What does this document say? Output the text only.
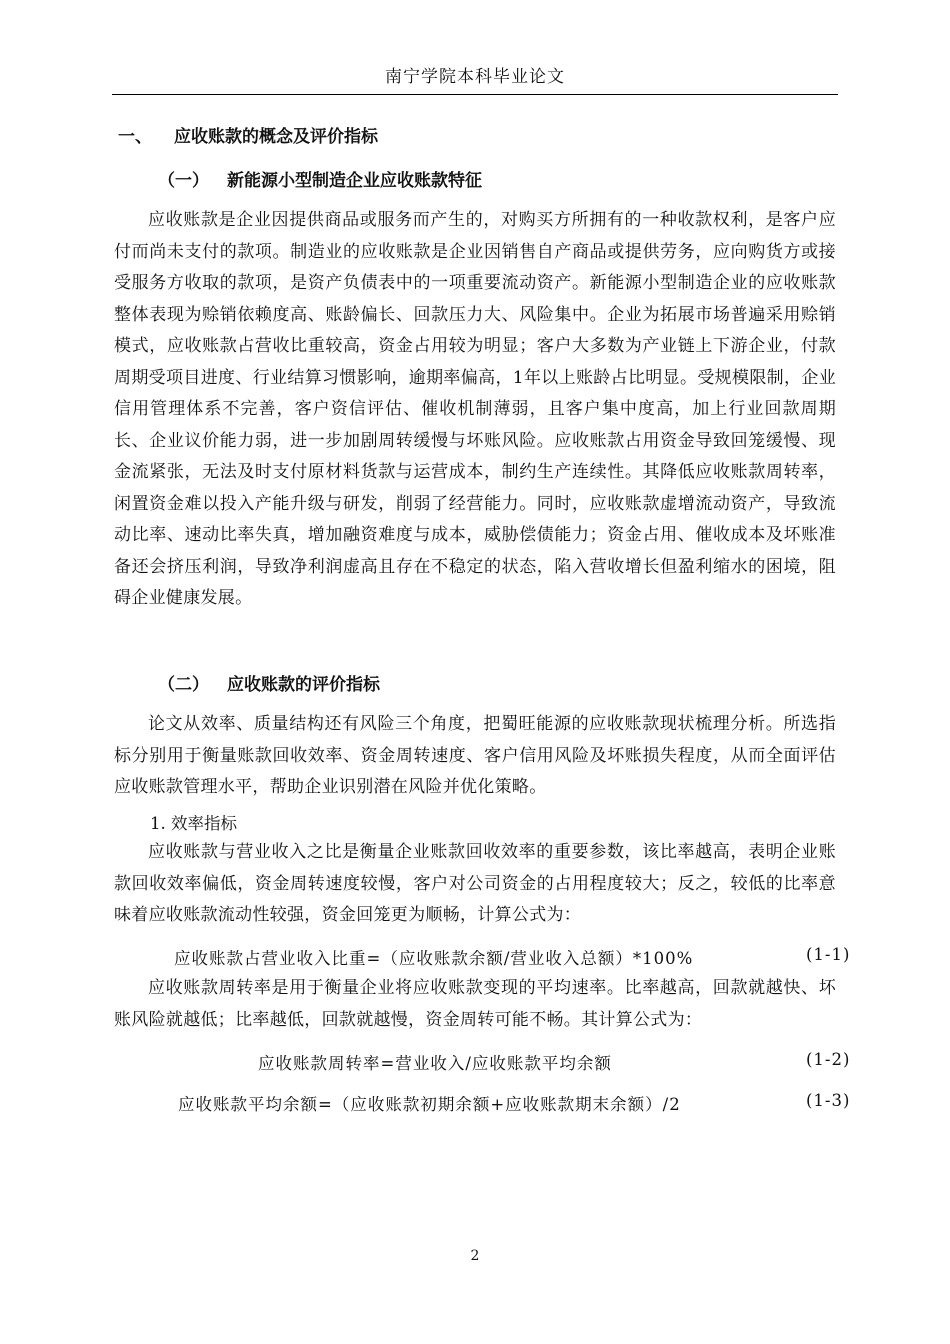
南宁学院本科毕业论文
一、 应收账款的概念及评价指标
（一） 新能源小型制造企业应收账款特征
应收账款是企业因提供商品或服务而产生的，对购买方所拥有的一种收款权利，是客户应付而尚未支付的款项。制造业的应收账款是企业因销售自产商品或提供劳务，应向购货方或接受服务方收取的款项，是资产负债表中的一项重要流动资产。新能源小型制造企业的应收账款整体表现为赊销依赖度高、账龄偏长、回款压力大、风险集中。企业为拓展市场普遍采用赊销模式，应收账款占营收比重较高，资金占用较为明显；客户大多数为产业链上下游企业，付款周期受项目进度、行业结算习惯影响，逾期率偏高，1年以上账龄占比明显。受规模限制，企业信用管理体系不完善，客户资信评估、催收机制薄弱，且客户集中度高，加上行业回款周期长、企业议价能力弱，进一步加剧周转缓慢与坏账风险。应收账款占用资金导致回笼缓慢、现金流紧张，无法及时支付原材料货款与运营成本，制约生产连续性。其降低应收账款周转率，闲置资金难以投入产能升级与研发，削弱了经营能力。同时，应收账款虚增流动资产，导致流动比率、速动比率失真，增加融资难度与成本，威胁偿债能力；资金占用、催收成本及坏账准备还会挤压利润，导致净利润虚高且存在不稳定的状态，陷入营收增长但盈利缩水的困境，阻碍企业健康发展。
（二） 应收账款的评价指标
论文从效率、质量结构还有风险三个角度，把蜀旺能源的应收账款现状梳理分析。所选指标分别用于衡量账款回收效率、资金周转速度、客户信用风险及坏账损失程度，从而全面评估应收账款管理水平，帮助企业识别潜在风险并优化策略。
1. 效率指标
应收账款与营业收入之比是衡量企业账款回收效率的重要参数，该比率越高，表明企业账款回收效率偏低，资金周转速度较慢，客户对公司资金的占用程度较大；反之，较低的比率意味着应收账款流动性较强，资金回笼更为顺畅，计算公式为：
应收账款占营业收入比重=（应收账款余额/营业收入总额）*100%	(1-1)
应收账款周转率是用于衡量企业将应收账款变现的平均速率。比率越高，回款就越快、坏账风险就越低；比率越低，回款就越慢，资金周转可能不畅。其计算公式为：
应收账款周转率=营业收入/应收账款平均余额	(1-2)
应收账款平均余额=（应收账款初期余额+应收账款期末余额）/2	(1-3)
2
